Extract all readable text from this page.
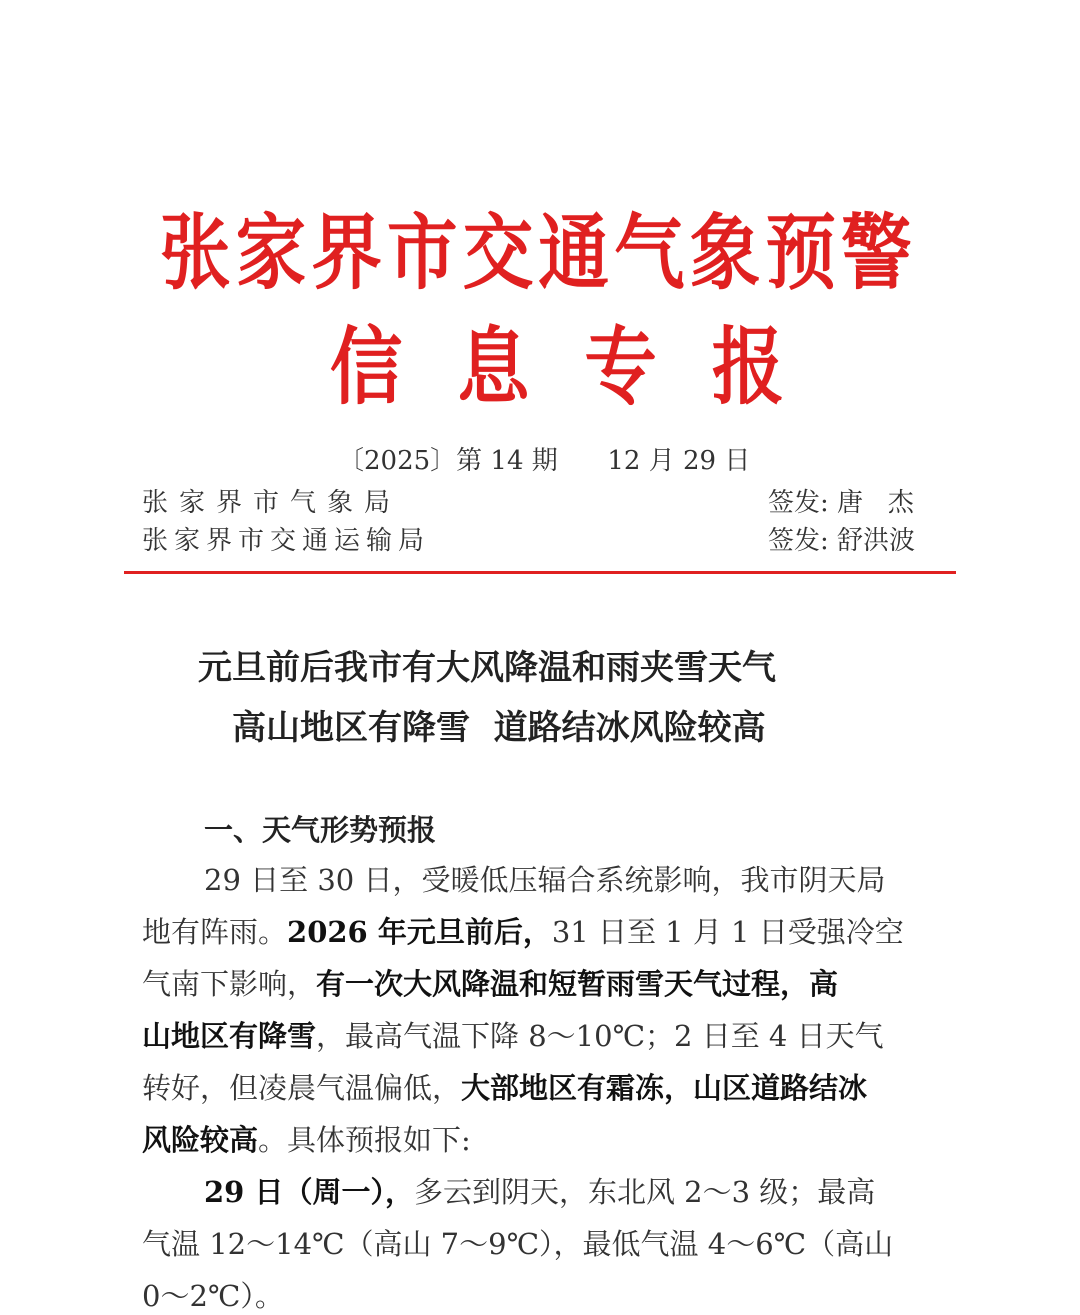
张家界市交通气象预警
信息专报
〔2025〕第 14 期      12 月 29 日
张家界市气象局
张家界市交通运输局
签发: 唐   杰
签发: 舒洪波
元旦前后我市有大风降温和雨夹雪天气
高山地区有降雪  道路结冰风险较高
一、天气形势预报
29 日至 30 日，受暖低压辐合系统影响，我市阴天局
地有阵雨。2026 年元旦前后，31 日至 1 月 1 日受强冷空
气南下影响，有一次大风降温和短暂雨雪天气过程，高
山地区有降雪，最高气温下降 8～10℃；2 日至 4 日天气
转好，但凌晨气温偏低，大部地区有霜冻，山区道路结冰
风险较高。具体预报如下:
29 日（周一），多云到阴天，东北风 2～3 级；最高
气温 12～14℃（高山 7～9℃），最低气温 4～6℃（高山
0～2℃）。
